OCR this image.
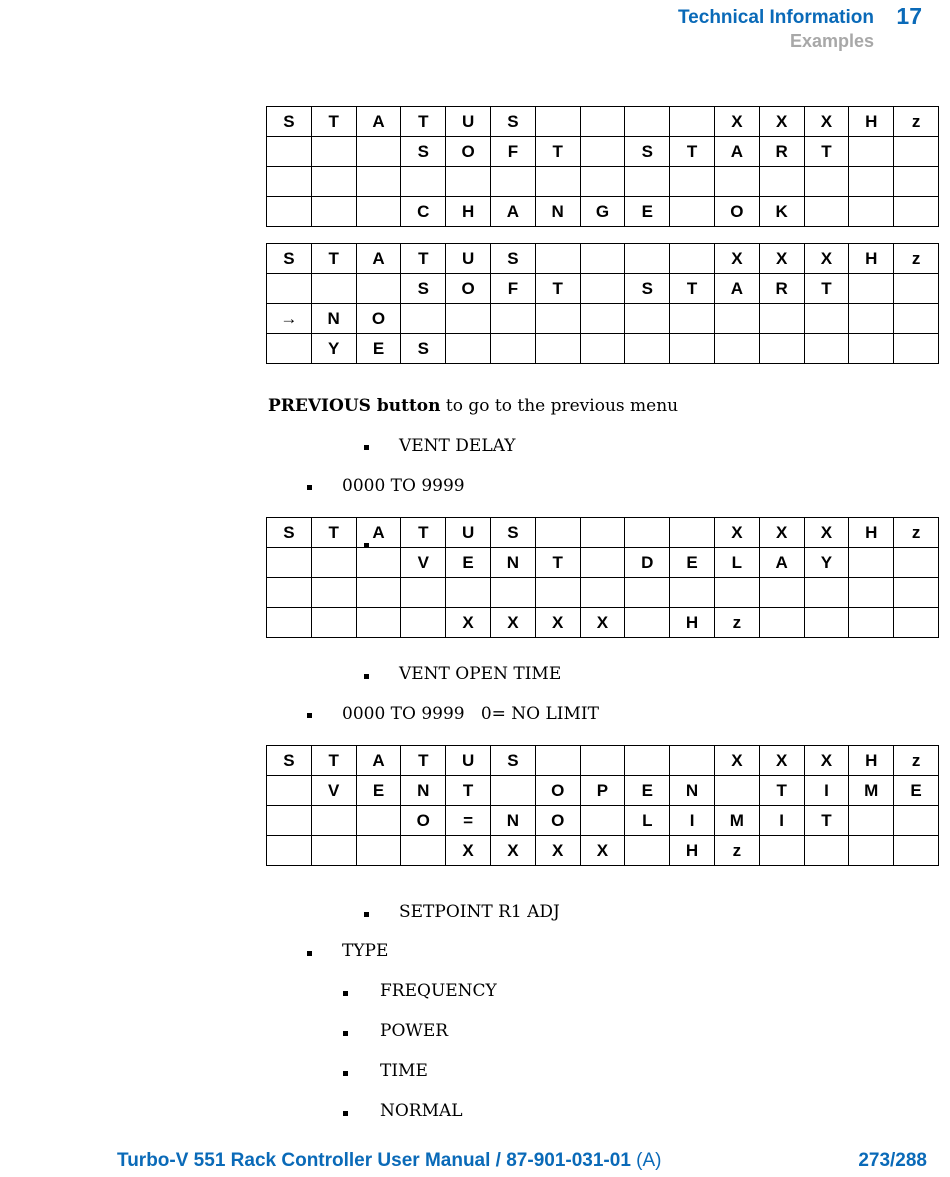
Technical Information 17
Examples
S	T	A	T	U	S					X	X	X	H	z
			S	O	F	T		S	T	A	R	T		

			C	H	A	N	G	E		O	K			
S	T	A	T	U	S					X	X	X	H	z
			S	O	F	T		S	T	A	R	T		
→	N	O												
	Y	E	S											
PREVIOUS button to go to the previous menu
VENT DELAY
0000 TO 9999
S	T	A	T	U	S					X	X	X	H	z
			V	E	N	T		D	E	L	A	Y		

				X	X	X	X		H	z				
VENT OPEN TIME
0000 TO 9999   0= NO LIMIT
S	T	A	T	U	S					X	X	X	H	z
	V	E	N	T		O	P	E	N		T	I	M	E
			O	=	N	O		L	I	M	I	T		
				X	X	X	X		H	z				
SETPOINT R1 ADJ
TYPE
FREQUENCY
POWER
TIME
NORMAL
Turbo-V 551 Rack Controller User Manual / 87-901-031-01 (A)	273/288
